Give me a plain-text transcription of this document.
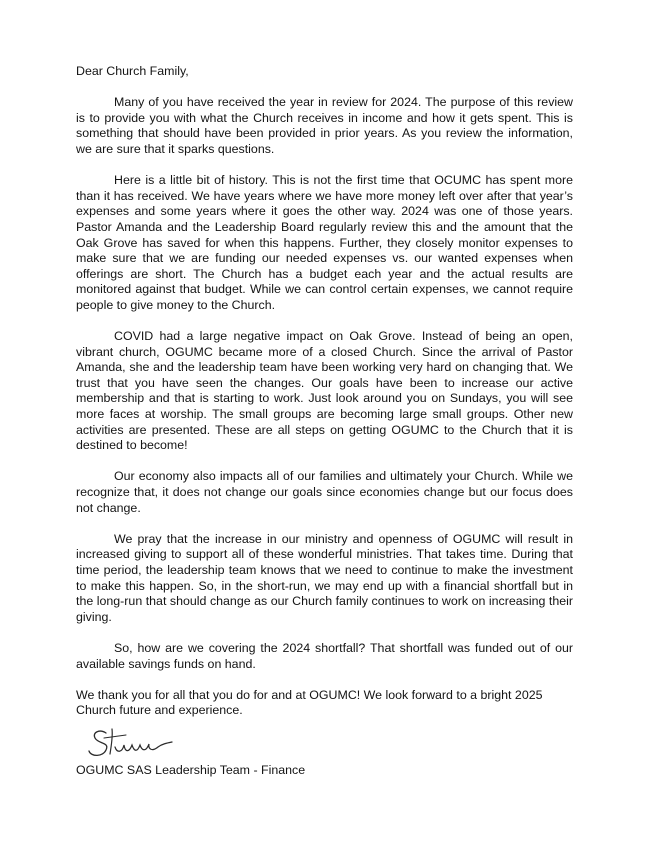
Dear Church Family,

Many of you have received the year in review for 2024. The purpose of this review is to provide you with what the Church receives in income and how it gets spent. This is something that should have been provided in prior years. As you review the information, we are sure that it sparks questions.

Here is a little bit of history. This is not the first time that OCUMC has spent more than it has received. We have years where we have more money left over after that year’s expenses and some years where it goes the other way. 2024 was one of those years. Pastor Amanda and the Leadership Board regularly review this and the amount that the Oak Grove has saved for when this happens. Further, they closely monitor expenses to make sure that we are funding our needed expenses vs. our wanted expenses when offerings are short. The Church has a budget each year and the actual results are monitored against that budget. While we can control certain expenses, we cannot require people to give money to the Church.

COVID had a large negative impact on Oak Grove. Instead of being an open, vibrant church, OGUMC became more of a closed Church. Since the arrival of Pastor Amanda, she and the leadership team have been working very hard on changing that. We trust that you have seen the changes. Our goals have been to increase our active membership and that is starting to work. Just look around you on Sundays, you will see more faces at worship. The small groups are becoming large small groups. Other new activities are presented. These are all steps on getting OGUMC to the Church that it is destined to become!

Our economy also impacts all of our families and ultimately your Church. While we recognize that, it does not change our goals since economies change but our focus does not change.

We pray that the increase in our ministry and openness of OGUMC will result in increased giving to support all of these wonderful ministries. That takes time. During that time period, the leadership team knows that we need to continue to make the investment to make this happen. So, in the short-run, we may end up with a financial shortfall but in the long-run that should change as our Church family continues to work on increasing their giving.

So, how are we covering the 2024 shortfall? That shortfall was funded out of our available savings funds on hand.

We thank you for all that you do for and at OGUMC! We look forward to a bright 2025 Church future and experience.

OGUMC SAS Leadership Team - Finance
